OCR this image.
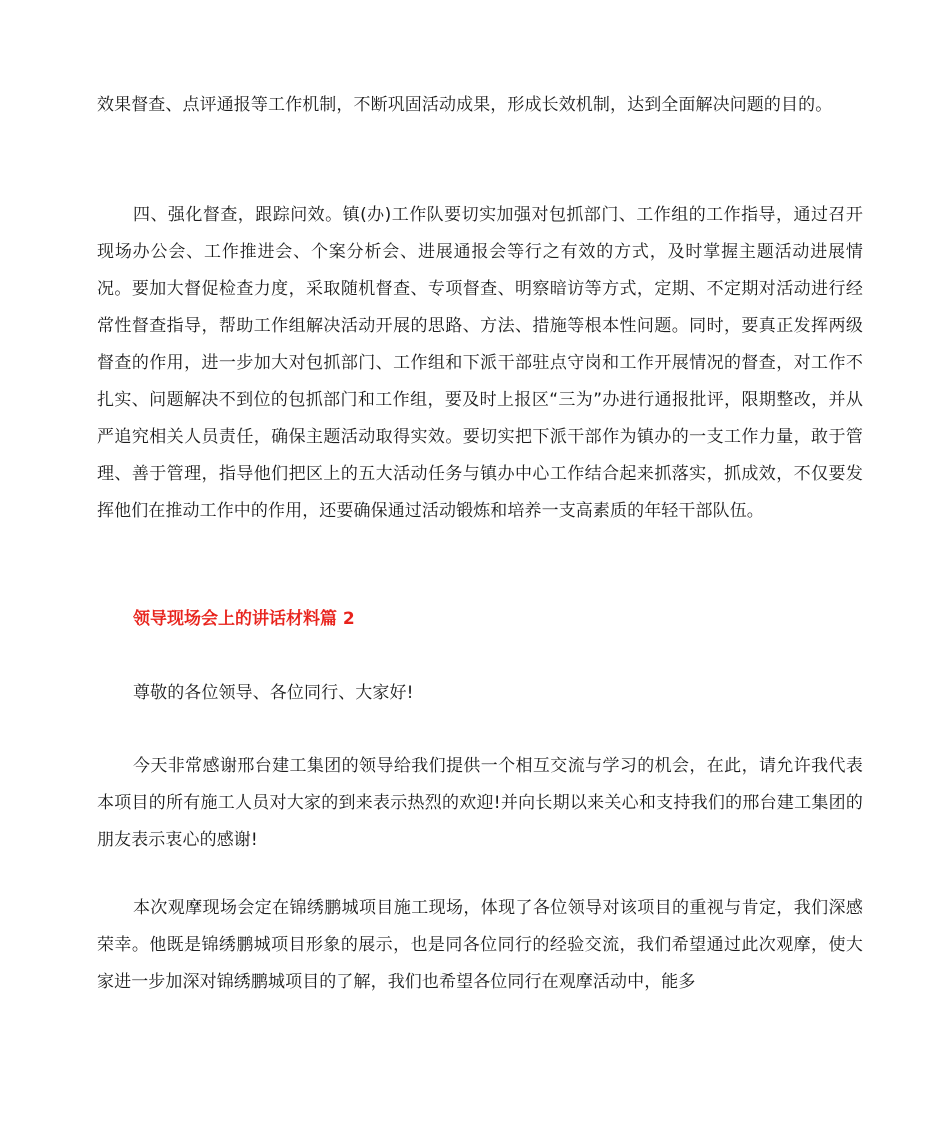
效果督查、点评通报等工作机制，不断巩固活动成果，形成长效机制，达到全面解决问题的目的。

四、强化督查，跟踪问效。镇(办)工作队要切实加强对包抓部门、工作组的工作指导，通过召开现场办公会、工作推进会、个案分析会、进展通报会等行之有效的方式，及时掌握主题活动进展情况。要加大督促检查力度，采取随机督查、专项督查、明察暗访等方式，定期、不定期对活动进行经常性督查指导，帮助工作组解决活动开展的思路、方法、措施等根本性问题。同时，要真正发挥两级督查的作用，进一步加大对包抓部门、工作组和下派干部驻点守岗和工作开展情况的督查，对工作不扎实、问题解决不到位的包抓部门和工作组，要及时上报区“三为”办进行通报批评，限期整改，并从严追究相关人员责任，确保主题活动取得实效。要切实把下派干部作为镇办的一支工作力量，敢于管理、善于管理，指导他们把区上的五大活动任务与镇办中心工作结合起来抓落实，抓成效，不仅要发挥他们在推动工作中的作用，还要确保通过活动锻炼和培养一支高素质的年轻干部队伍。

领导现场会上的讲话材料篇 2

尊敬的各位领导、各位同行、大家好!

今天非常感谢邢台建工集团的领导给我们提供一个相互交流与学习的机会，在此，请允许我代表本项目的所有施工人员对大家的到来表示热烈的欢迎!并向长期以来关心和支持我们的邢台建工集团的朋友表示衷心的感谢!

本次观摩现场会定在锦绣鹏城项目施工现场，体现了各位领导对该项目的重视与肯定，我们深感荣幸。他既是锦绣鹏城项目形象的展示，也是同各位同行的经验交流，我们希望通过此次观摩，使大家进一步加深对锦绣鹏城项目的了解，我们也希望各位同行在观摩活动中，能多
